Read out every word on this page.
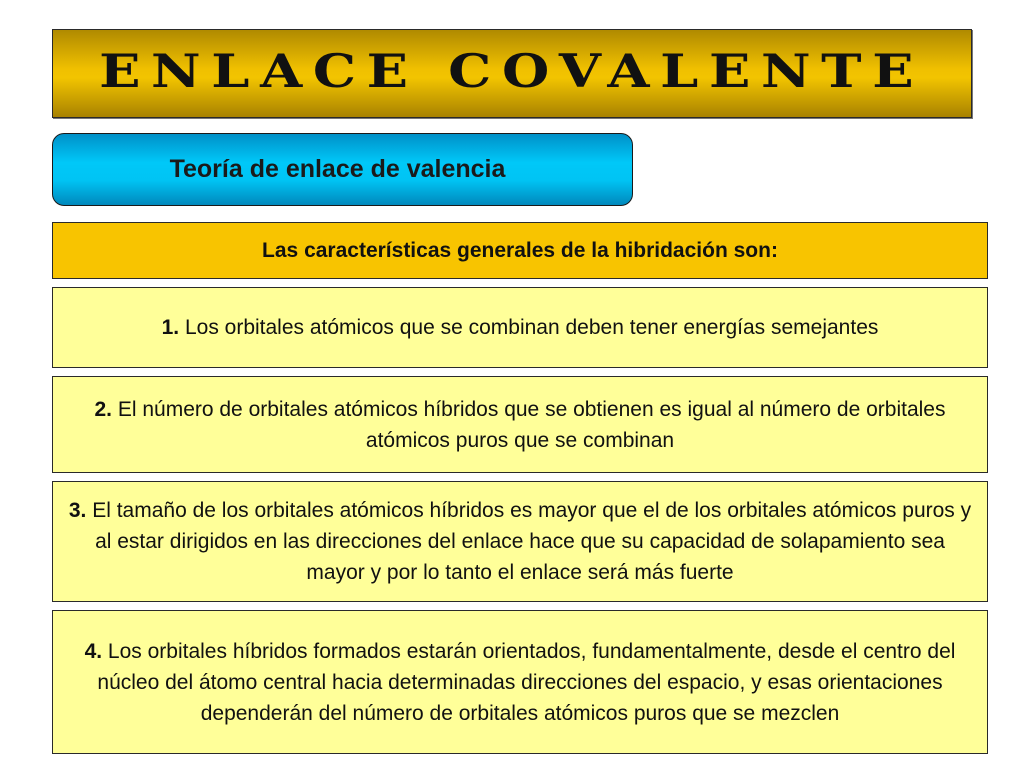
ENLACE COVALENTE
Teoría de enlace de valencia
Las características generales de la hibridación son:
1. Los orbitales atómicos que se combinan deben tener energías semejantes
2. El número de orbitales atómicos híbridos que se obtienen es igual al número de orbitales atómicos puros que se combinan
3. El tamaño de los orbitales atómicos híbridos es mayor que el de los orbitales atómicos puros y al estar dirigidos en las direcciones del enlace hace que su capacidad de solapamiento sea mayor y por lo tanto el enlace será más fuerte
4. Los orbitales híbridos formados estarán orientados, fundamentalmente, desde el centro del núcleo del átomo central hacia determinadas direcciones del espacio, y esas orientaciones dependerán del número de orbitales atómicos puros que se mezclen
